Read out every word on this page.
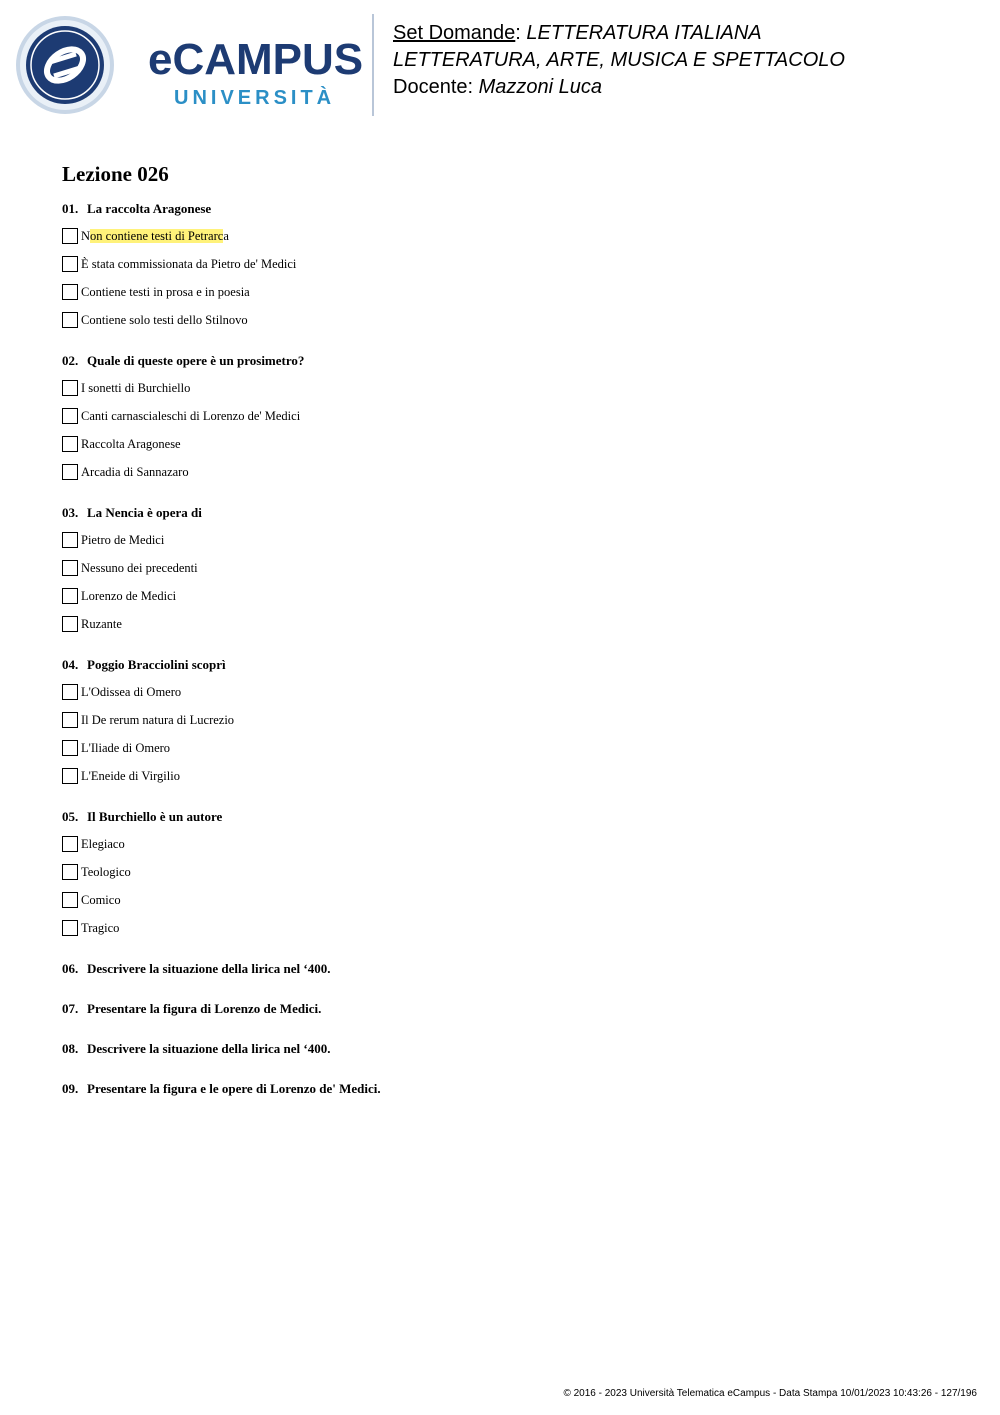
eCAMPUS
UNIVERSITÀ
Set Domande: LETTERATURA ITALIANA
LETTERATURA, ARTE, MUSICA E SPETTACOLO
Docente: Mazzoni Luca
Lezione 026
01. La raccolta Aragonese
Non contiene testi di Petrarca
È stata commissionata da Pietro de' Medici
Contiene testi in prosa e in poesia
Contiene solo testi dello Stilnovo
02. Quale di queste opere è un prosimetro?
I sonetti di Burchiello
Canti carnascialeschi di Lorenzo de' Medici
Raccolta Aragonese
Arcadia di Sannazaro
03. La Nencia è opera di
Pietro de Medici
Nessuno dei precedenti
Lorenzo de Medici
Ruzante
04. Poggio Bracciolini scoprì
L'Odissea di Omero
Il De rerum natura di Lucrezio
L'Iliade di Omero
L'Eneide di Virgilio
05. Il Burchiello è un autore
Elegiaco
Teologico
Comico
Tragico
06. Descrivere la situazione della lirica nel ‘400.
07. Presentare la figura di Lorenzo de Medici.
08. Descrivere la situazione della lirica nel ‘400.
09. Presentare la figura e le opere di Lorenzo de' Medici.
© 2016 - 2023 Università Telematica eCampus - Data Stampa 10/01/2023 10:43:26 - 127/196
